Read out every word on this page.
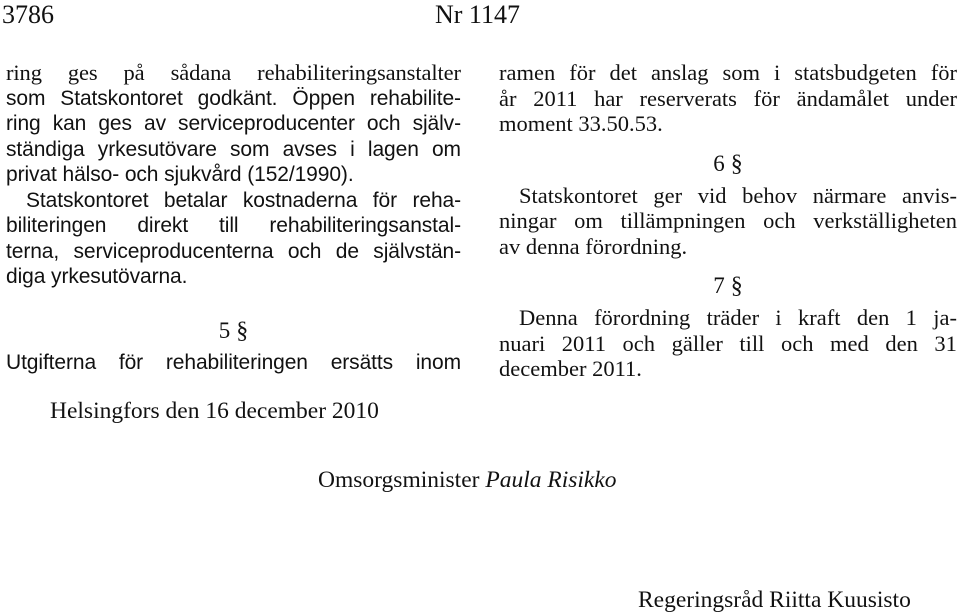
3786	Nr 1147
ring ges på sådana rehabiliteringsanstalter
som Statskontoret godkänt. Öppen rehabilite-
ring kan ges av serviceproducenter och själv-
ständiga yrkesutövare som avses i lagen om
privat hälso- och sjukvård (152/1990).
Statskontoret betalar kostnaderna för reha-
biliteringen direkt till rehabiliteringsanstal-
terna, serviceproducenterna och de självstän-
diga yrkesutövarna.
5 §
Utgifterna för rehabiliteringen ersätts inom
ramen för det anslag som i statsbudgeten för
år 2011 har reserverats för ändamålet under
moment 33.50.53.
6 §
Statskontoret ger vid behov närmare anvis-
ningar om tillämpningen och verkställigheten
av denna förordning.
7 §
Denna förordning träder i kraft den 1 ja-
nuari 2011 och gäller till och med den 31
december 2011.
Helsingfors den 16 december 2010
Omsorgsminister Paula Risikko
Regeringsråd Riitta Kuusisto
